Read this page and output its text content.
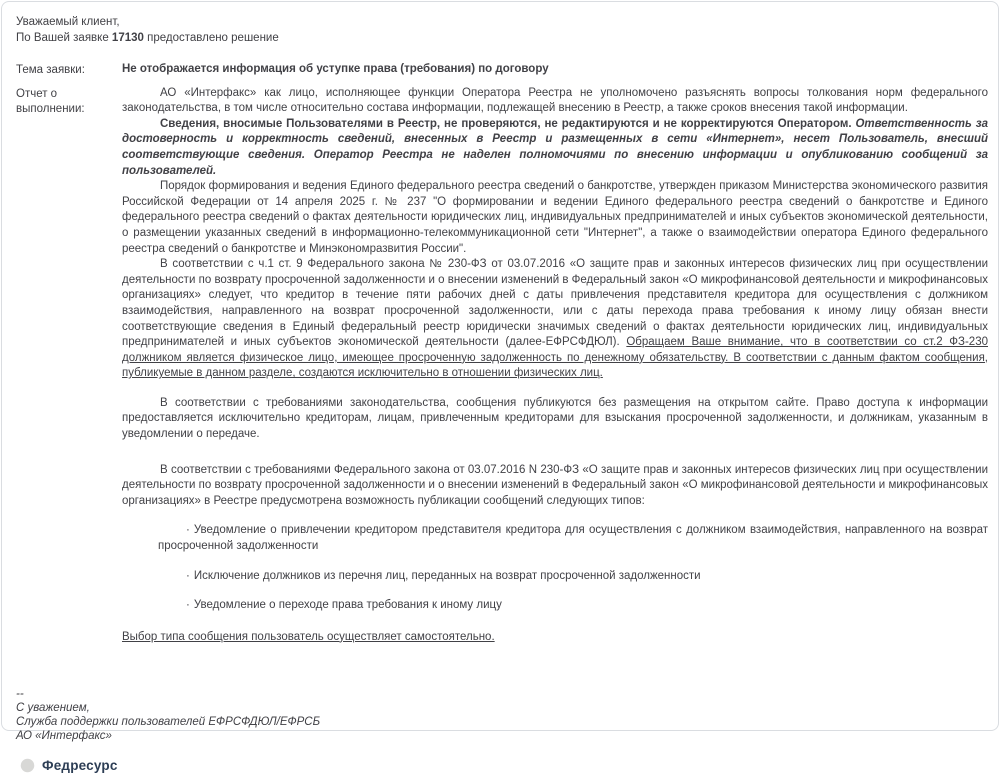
Уважаемый клиент,
По Вашей заявке 17130 предоставлено решение
Тема заявки:	Не отображается информация об уступке права (требования) по договору
Отчет о выполнении:

АО «Интерфакс» как лицо, исполняющее функции Оператора Реестра не уполномочено разъяснять вопросы толкования норм федерального законодательства, в том числе относительно состава информации, подлежащей внесению в Реестр, а также сроков внесения такой информации.

Сведения, вносимые Пользователями в Реестр, не проверяются, не редактируются и не корректируются Оператором. Ответственность за достоверность и корректность сведений, внесенных в Реестр и размещенных в сети «Интернет», несет Пользователь, внесший соответствующие сведения. Оператор Реестра не наделен полномочиями по внесению информации и опубликованию сообщений за пользователей.

Порядок формирования и ведения Единого федерального реестра сведений о банкротстве, утвержден приказом Министерства экономического развития Российской Федерации от 14 апреля 2025 г. № 237 "О формировании и ведении Единого федерального реестра сведений о банкротстве и Единого федерального реестра сведений о фактах деятельности юридических лиц, индивидуальных предпринимателей и иных субъектов экономической деятельности, о размещении указанных сведений в информационно-телекоммуникационной сети "Интернет", а также о взаимодействии оператора Единого федерального реестра сведений о банкротстве и Минэкономразвития России".

В соответствии с ч.1 ст. 9 Федерального закона № 230-ФЗ от 03.07.2016 «О защите прав и законных интересов физических лиц при осуществлении деятельности по возврату просроченной задолженности и о внесении изменений в Федеральный закон «О микрофинансовой деятельности и микрофинансовых организациях» следует, что кредитор в течение пяти рабочих дней с даты привлечения представителя кредитора для осуществления с должником взаимодействия, направленного на возврат просроченной задолженности, или с даты перехода права требования к иному лицу обязан внести соответствующие сведения в Единый федеральный реестр юридически значимых сведений о фактах деятельности юридических лиц, индивидуальных предпринимателей и иных субъектов экономической деятельности (далее-ЕФРСФДЮЛ). Обращаем Ваше внимание, что в соответствии со ст.2 ФЗ-230 должником является физическое лицо, имеющее просроченную задолженность по денежному обязательству. В соответствии с данным фактом сообщения, публикуемые в данном разделе, создаются исключительно в отношении физических лиц.

В соответствии с требованиями законодательства, сообщения публикуются без размещения на открытом сайте. Право доступа к информации предоставляется исключительно кредиторам, лицам, привлеченным кредиторами для взыскания просроченной задолженности, и должникам, указанным в уведомлении о передаче.

В соответствии с требованиями Федерального закона от 03.07.2016 N 230-ФЗ «О защите прав и законных интересов физических лиц при осуществлении деятельности по возврату просроченной задолженности и о внесении изменений в Федеральный закон «О микрофинансовой деятельности и микрофинансовых организациях» в Реестре предусмотрена возможность публикации сообщений следующих типов:

· Уведомление о привлечении кредитором представителя кредитора для осуществления с должником взаимодействия, направленного на возврат просроченной задолженности

· Исключение должников из перечня лиц, переданных на возврат просроченной задолженности

· Уведомление о переходе права требования к иному лицу

Выбор типа сообщения пользователь осуществляет самостоятельно.

--
С уважением,
Служба поддержки пользователей ЕФРСФДЮЛ/ЕФРСБ
АО «Интерфакс»
Федресурс
